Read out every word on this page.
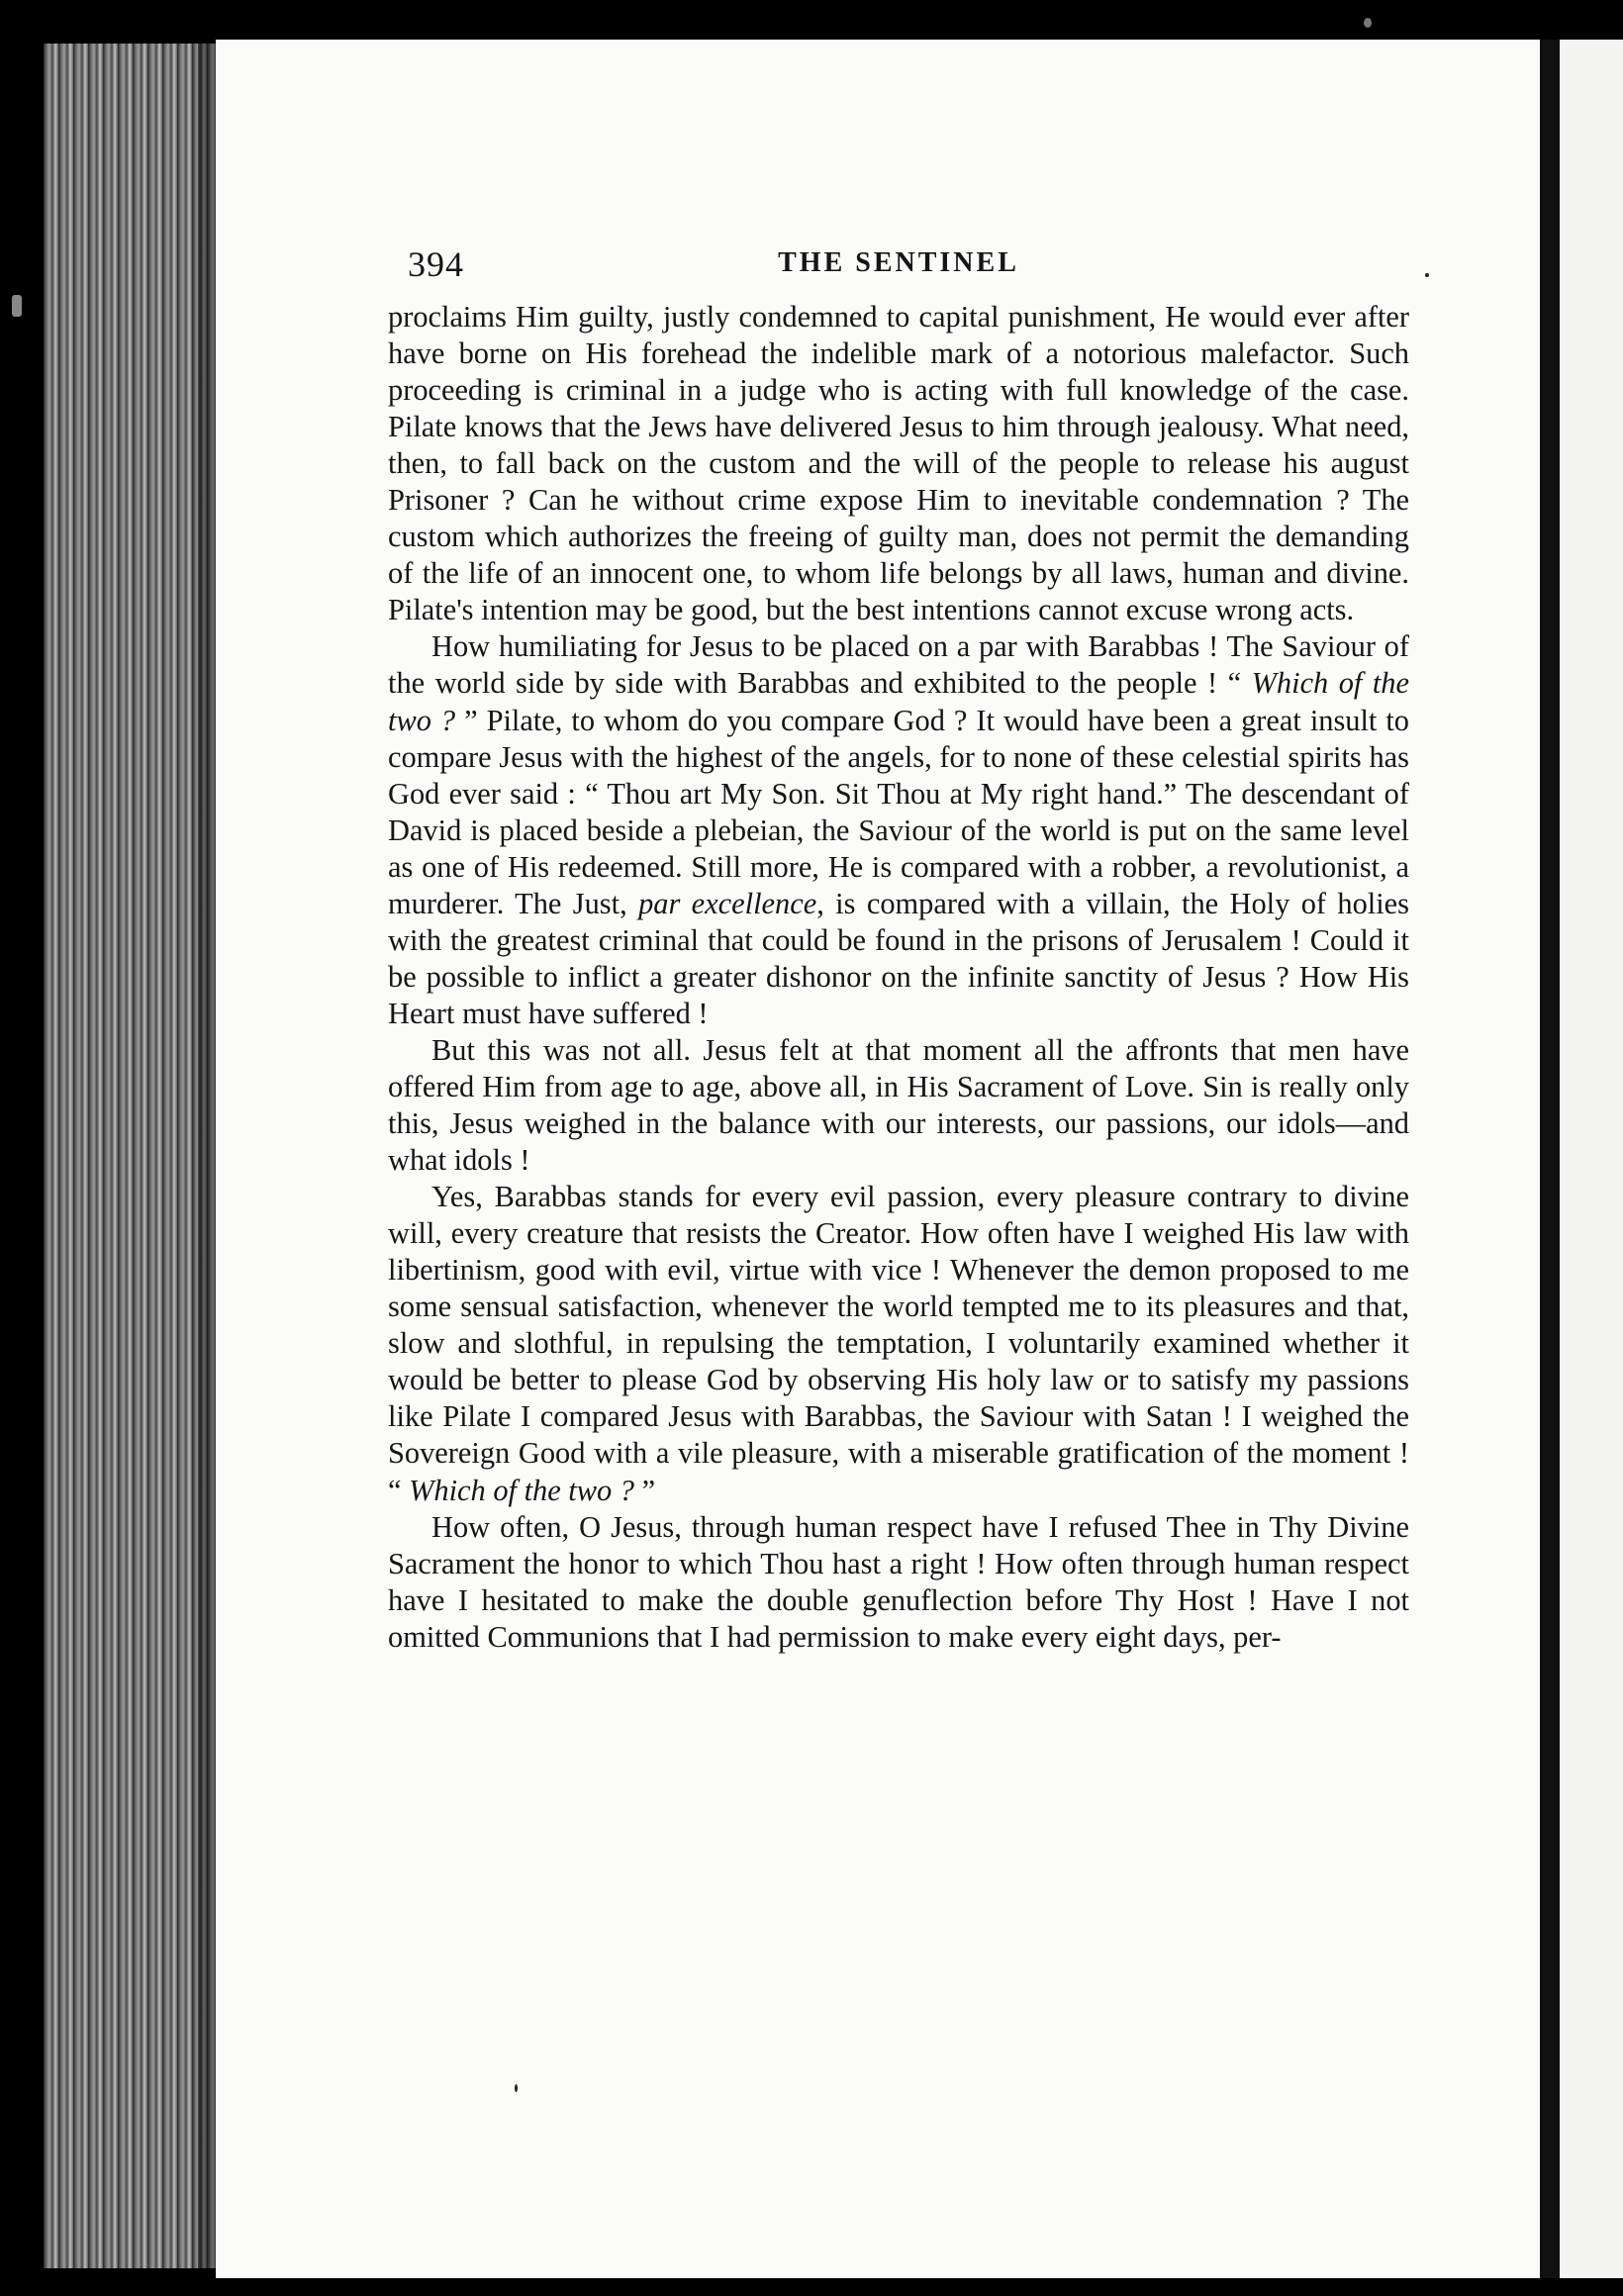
394	THE SENTINEL

proclaims Him guilty, justly condemned to capital punishment, He would ever after have borne on His forehead the indelible mark of a notorious malefactor. Such proceeding is criminal in a judge who is acting with full knowledge of the case. Pilate knows that the Jews have delivered Jesus to him through jealousy. What need, then, to fall back on the custom and the will of the people to release his august Prisoner ? Can he without crime expose Him to inevitable condemnation ? The custom which authorizes the freeing of guilty man, does not permit the demanding of the life of an innocent one, to whom life belongs by all laws, human and divine. Pilate's intention may be good, but the best intentions cannot excuse wrong acts.

How humiliating for Jesus to be placed on a par with Barabbas ! The Saviour of the world side by side with Barabbas and exhibited to the people ! “ Which of the two ? ” Pilate, to whom do you compare God ? It would have been a great insult to compare Jesus with the highest of the angels, for to none of these celestial spirits has God ever said : “ Thou art My Son. Sit Thou at My right hand.” The descendant of David is placed beside a plebeian, the Saviour of the world is put on the same level as one of His redeemed. Still more, He is compared with a robber, a revolutionist, a murderer. The Just, par excellence, is compared with a villain, the Holy of holies with the greatest criminal that could be found in the prisons of Jerusalem ! Could it be possible to inflict a greater dishonor on the infinite sanctity of Jesus ? How His Heart must have suffered !

But this was not all. Jesus felt at that moment all the affronts that men have offered Him from age to age, above all, in His Sacrament of Love. Sin is really only this, Jesus weighed in the balance with our interests, our passions, our idols—and what idols !

Yes, Barabbas stands for every evil passion, every pleasure contrary to divine will, every creature that resists the Creator. How often have I weighed His law with libertinism, good with evil, virtue with vice ! Whenever the demon proposed to me some sensual satisfaction, whenever the world tempted me to its pleasures and that, slow and slothful, in repulsing the temptation, I voluntarily examined whether it would be better to please God by observing His holy law or to satisfy my passions like Pilate I compared Jesus with Barabbas, the Saviour with Satan ! I weighed the Sovereign Good with a vile pleasure, with a miserable gratification of the moment ! “ Which of the two ? ”

How often, O Jesus, through human respect have I refused Thee in Thy Divine Sacrament the honor to which Thou hast a right ! How often through human respect have I hesitated to make the double genuflection before Thy Host ! Have I not omitted Communions that I had permission to make every eight days, per-
